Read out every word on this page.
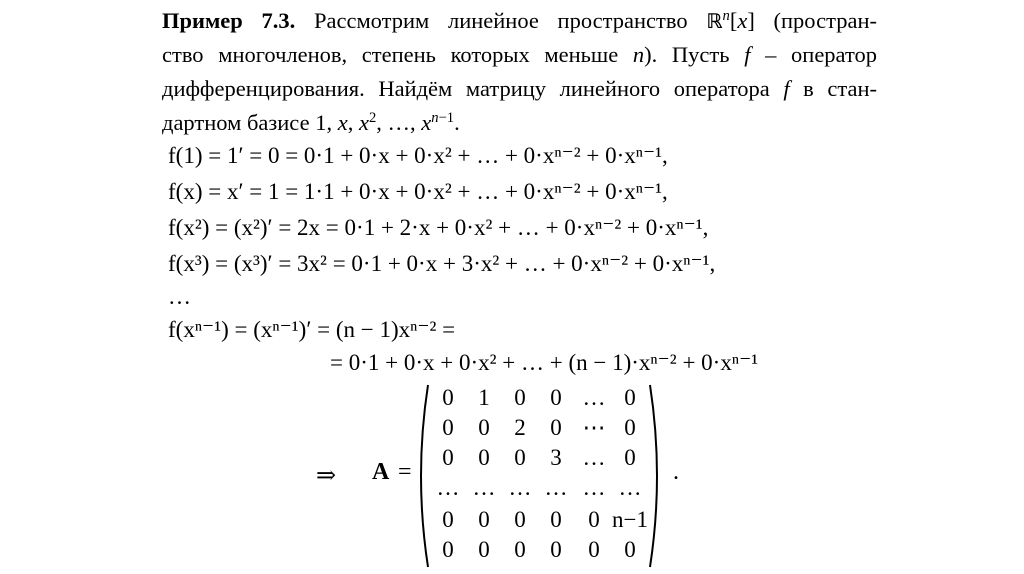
Пример 7.3. Рассмотрим линейное пространство ℝ$^n$[x] (простран-
ство многочленов, степень которых меньше n). Пусть f – оператор
дифференцирования. Найдём матрицу линейного оператора f в стан-
дартном базисе 1, x, $x^2$, …, $x^{n-1}$.
f(1) = 1′ = 0 = 0·1 + 0·x + 0·x² + … + 0·xⁿ⁻² + 0·xⁿ⁻¹,
f(x) = x′ = 1 = 1·1 + 0·x + 0·x² + … + 0·xⁿ⁻² + 0·xⁿ⁻¹,
f(x²) = (x²)′ = 2x = 0·1 + 2·x + 0·x² + … + 0·xⁿ⁻² + 0·xⁿ⁻¹,
f(x³) = (x³)′ = 3x² = 0·1 + 0·x + 3·x² + … + 0·xⁿ⁻² + 0·xⁿ⁻¹,
…
f(xⁿ⁻¹) = (xⁿ⁻¹)′ = (n − 1)xⁿ⁻² =
= 0·1 + 0·x + 0·x² + … + (n − 1)·xⁿ⁻² + 0·xⁿ⁻¹
⇒ A =
0	1	0	0 … 0
0	0	2	0 ⋯ 0
0	0	0	3 … 0
… … … … … …
0	0	0	0	0 n−1
0	0	0	0	0	0
.
